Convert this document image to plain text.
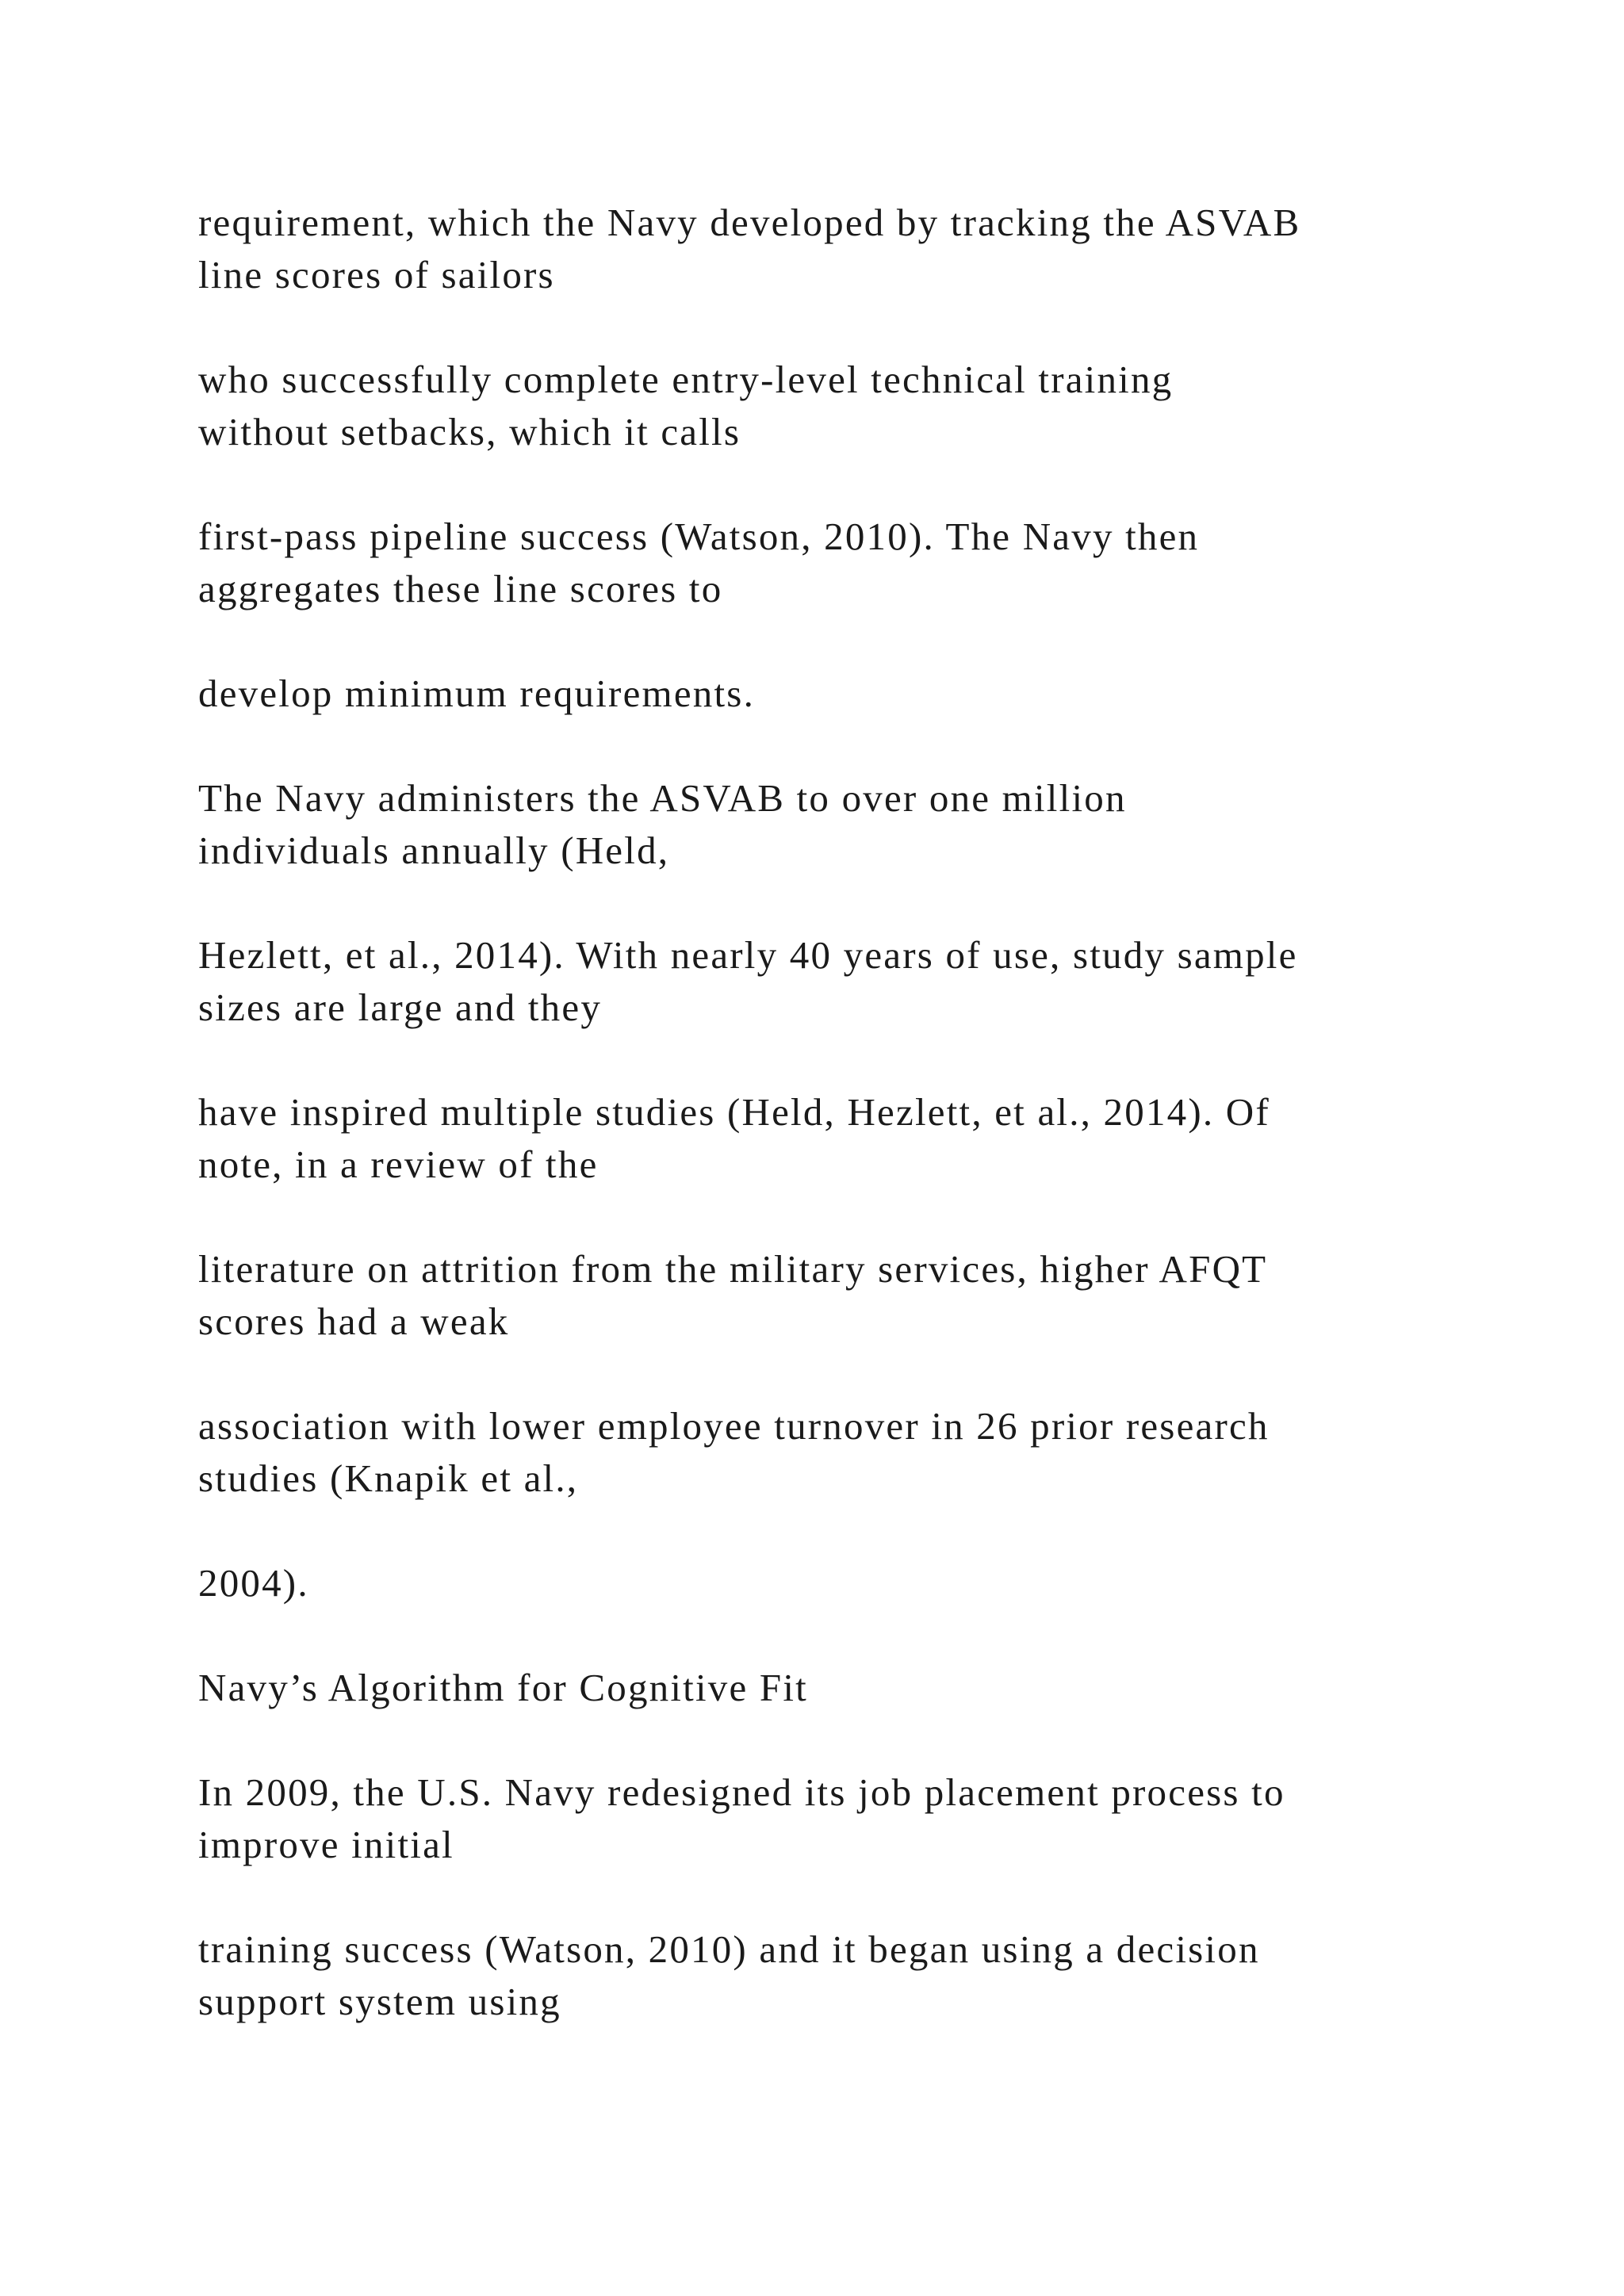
requirement, which the Navy developed by tracking the ASVAB
line scores of sailors

who successfully complete entry-level technical training
without setbacks, which it calls

first-pass pipeline success (Watson, 2010). The Navy then
aggregates these line scores to

develop minimum requirements.

The Navy administers the ASVAB to over one million
individuals annually (Held,

Hezlett, et al., 2014). With nearly 40 years of use, study sample
sizes are large and they

have inspired multiple studies (Held, Hezlett, et al., 2014). Of
note, in a review of the

literature on attrition from the military services, higher AFQT
scores had a weak

association with lower employee turnover in 26 prior research
studies (Knapik et al.,

2004).

Navy’s Algorithm for Cognitive Fit

In 2009, the U.S. Navy redesigned its job placement process to
improve initial

training success (Watson, 2010) and it began using a decision
support system using
